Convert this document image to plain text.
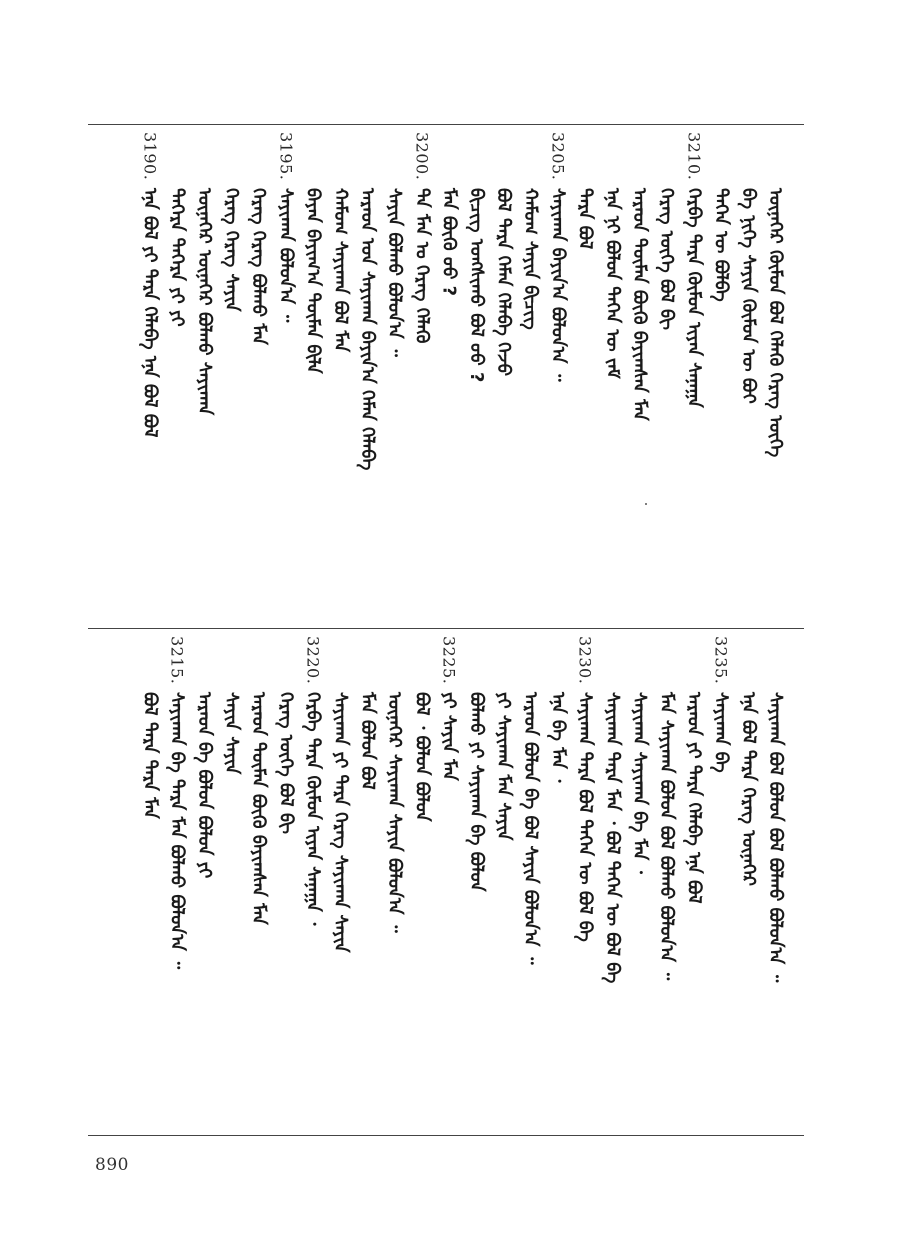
ᠦᠨᠡᠬᠡᠷ ᠬᠦᠮᠦᠨ ᠪᠣᠯ ᠬᠡᠯᠡᠬᠦ ᠬᠡᠷᠡᠭ ᠦᠭᠡ
ᠪᠠ ᠨᠢᠭᠡ ᠰᠠᠶᠢᠨ ᠬᠦᠮᠦᠨ ᠦ ᠪᠣᠢ
ᠲᠡᠭᠡᠨ ᠦ ᠪᠣᠯᠪᠠ
3210.
ᠬᠡᠷᠪᠡ ᠲᠡᠷᠡ ᠬᠦᠮᠦᠨ ᠢᠶᠡᠨ ᠰᠠᠨᠠᠭᠠ
ᠬᠡᠷᠡᠭ ᠦᠭᠡ ᠪᠣᠯ ᠪᠢ
ᠠᠷᠠᠳ ᠲᠦᠮᠡᠨ ᠪᠦᠬᠦ ᠪᠠᠶᠢᠭᠰᠠᠨ ᠮᠠᠨ
ᠡᠨᠡ ᠨᠢ ᠪᠣᠯᠤᠨ ᠲᠡᠭᠡᠨ ᠦ ᠵᠠᠮ
ᠲᠡᠷᠡ ᠪᠣᠯ
3205.
ᠰᠠᠶᠢᠬᠠᠨ ᠪᠠᠶᠢᠨ᠎ᠠ ᠪᠣᠯᠤᠨ᠎ᠠ ᠃
ᠬᠠᠮᠤᠭ ᠰᠠᠶᠢᠨ ᠪᠢᠴᠢᠭ
ᠪᠣᠯ ᠲᠡᠷᠡ ᠬᠡᠮᠡᠨ ᠬᠡᠯᠡᠪᠡ ᠭᠡᠵᠦ
ᠪᠢᠴᠢᠭ ᠤᠩᠰᠢᠬᠤ ᠪᠣᠯ ᠤᠤ ?
ᠮᠠᠨ ᠪᠦᠬᠦ ᠤᠤ ?
3200.
ᠲᠠ ᠮᠠᠨ ᠤ ᠬᠡᠷᠡᠭ ᠬᠡᠯᠡᠬᠦ
ᠰᠠᠶᠢᠨ ᠪᠣᠯᠬᠤ ᠪᠣᠯᠤᠨ᠎ᠠ ᠃
ᠠᠷᠠᠳ ᠤᠨ ᠰᠠᠶᠢᠬᠠᠨ ᠪᠠᠶᠢᠨ᠎ᠠ ᠬᠡᠮᠡᠨ ᠬᠡᠯᠡᠪᠡ
ᠬᠠᠮᠤᠭ ᠰᠠᠶᠢᠬᠠᠨ ᠪᠣᠯ ᠮᠠᠨ
ᠪᠠᠶᠠᠨ ᠪᠠᠶᠢᠭ᠎ᠠ ᠲᠦᠮᠡᠨ ᠪᠢᠯᠡ
3195.
ᠰᠠᠶᠢᠬᠠᠨ ᠪᠣᠯᠤᠨ᠎ᠠ ᠃
ᠬᠡᠷᠡᠭ ᠬᠡᠷᠡᠭ ᠪᠣᠯᠬᠤ ᠮᠠᠨ
ᠬᠡᠷᠡᠭ ᠬᠡᠷᠡᠭ ᠰᠠᠶᠢᠨ
ᠦᠨᠡᠬᠡᠷ ᠦᠨᠡᠬᠡᠷ ᠪᠣᠯᠬᠤ ᠰᠠᠶᠢᠬᠠᠨ
ᠲᠡᠭᠡᠷᠡ ᠲᠡᠭᠡᠷᠡ ᠶᠢ ᠶᠢ
3190.
ᠡᠨᠡ ᠪᠣᠯ ᠶᠢ ᠲᠡᠷᠡ ᠬᠡᠯᠡᠪᠡ ᠡᠨᠡ ᠪᠣᠯ ᠪᠣᠯ
ᠰᠠᠶᠢᠬᠠᠨ ᠪᠣᠯ ᠪᠣᠯᠤᠨ ᠪᠣᠯ ᠪᠣᠯᠬᠤ ᠪᠣᠯᠤᠨ᠎ᠠ ᠃
ᠡᠨᠡ ᠪᠣᠯ ᠲᠡᠷᠡ ᠬᠡᠷᠡᠭ ᠦᠨᠡᠬᠡᠷ
3235.
ᠰᠠᠶᠢᠬᠠᠨ ᠪᠠ
ᠠᠷᠠᠳ ᠶᠢ ᠲᠡᠷᠡ ᠬᠡᠯᠡᠪᠡ ᠡᠨᠡ ᠪᠣᠯ
ᠮᠠᠨ ᠰᠠᠶᠢᠬᠠᠨ ᠪᠣᠯᠤᠨ ᠪᠣᠯ ᠪᠣᠯᠬᠤ ᠪᠣᠯᠤᠨ᠎ᠠ ᠃
ᠰᠠᠶᠢᠬᠠᠨ ᠰᠠᠶᠢᠬᠠᠨ ᠪᠠ ᠮᠠᠨ ᠂
ᠰᠠᠶᠢᠬᠠᠨ ᠲᠡᠷᠡ ᠮᠠᠨ ᠂ ᠪᠣᠯ ᠲᠡᠭᠡᠨ ᠦ ᠪᠣᠯ ᠪᠠ
3230.
ᠰᠠᠶᠢᠬᠠᠨ ᠲᠡᠷᠡ ᠪᠣᠯ ᠲᠡᠭᠡᠨ ᠦ ᠪᠣᠯ ᠪᠠ
ᠡᠨᠡ ᠪᠠ ᠮᠠᠨ ᠂
ᠠᠷᠠᠳ ᠪᠣᠯᠤᠨ ᠪᠠ ᠪᠣᠯ ᠰᠠᠶᠢᠨ ᠪᠣᠯᠤᠨ᠎ᠠ ᠃
ᠶᠢ ᠰᠠᠶᠢᠬᠠᠨ ᠮᠠᠨ ᠰᠠᠶᠢᠨ
ᠪᠣᠯᠬᠤ ᠶᠢ ᠰᠠᠶᠢᠬᠠᠨ ᠪᠠ ᠪᠣᠯᠤᠨ
3225.
ᠶᠢ ᠰᠠᠶᠢᠨ ᠮᠠᠨ
ᠪᠣᠯ ᠂ ᠪᠣᠯᠤᠨ ᠪᠣᠯᠤᠨ
ᠦᠨᠡᠬᠡᠷ ᠰᠠᠶᠢᠬᠠᠨ ᠰᠠᠶᠢᠨ ᠪᠣᠯᠤᠨ᠎ᠠ ᠃
ᠮᠠᠨ ᠪᠣᠯᠤᠨ ᠪᠣᠯ
ᠰᠠᠶᠢᠬᠠᠨ ᠶᠢ ᠲᠡᠷᠡ ᠬᠡᠷᠡᠭ ᠰᠠᠶᠢᠬᠠᠨ ᠰᠠᠶᠢᠨ
3220.
ᠬᠡᠷᠪᠡ ᠲᠡᠷᠡ ᠬᠦᠮᠦᠨ ᠢᠶᠡᠨ ᠰᠠᠨᠠᠭᠠ ᠂
ᠬᠡᠷᠡᠭ ᠦᠭᠡ ᠪᠣᠯ ᠪᠢ
ᠠᠷᠠᠳ ᠲᠦᠮᠡᠨ ᠪᠦᠬᠦ ᠪᠠᠶᠢᠭᠰᠠᠨ ᠮᠠᠨ
ᠰᠠᠶᠢᠨ ᠰᠠᠶᠢᠨ
ᠠᠷᠠᠳ ᠪᠠ ᠪᠣᠯᠤᠨ ᠪᠣᠯᠤᠨ ᠶᠢ
3215.
ᠰᠠᠶᠢᠬᠠᠨ ᠪᠠ ᠲᠡᠷᠡ ᠮᠠᠨ ᠪᠣᠯᠬᠤ ᠪᠣᠯᠤᠨ᠎ᠠ ᠃
ᠪᠣᠯ ᠲᠡᠷᠡ ᠲᠡᠷᠡ ᠮᠠᠨ
890
